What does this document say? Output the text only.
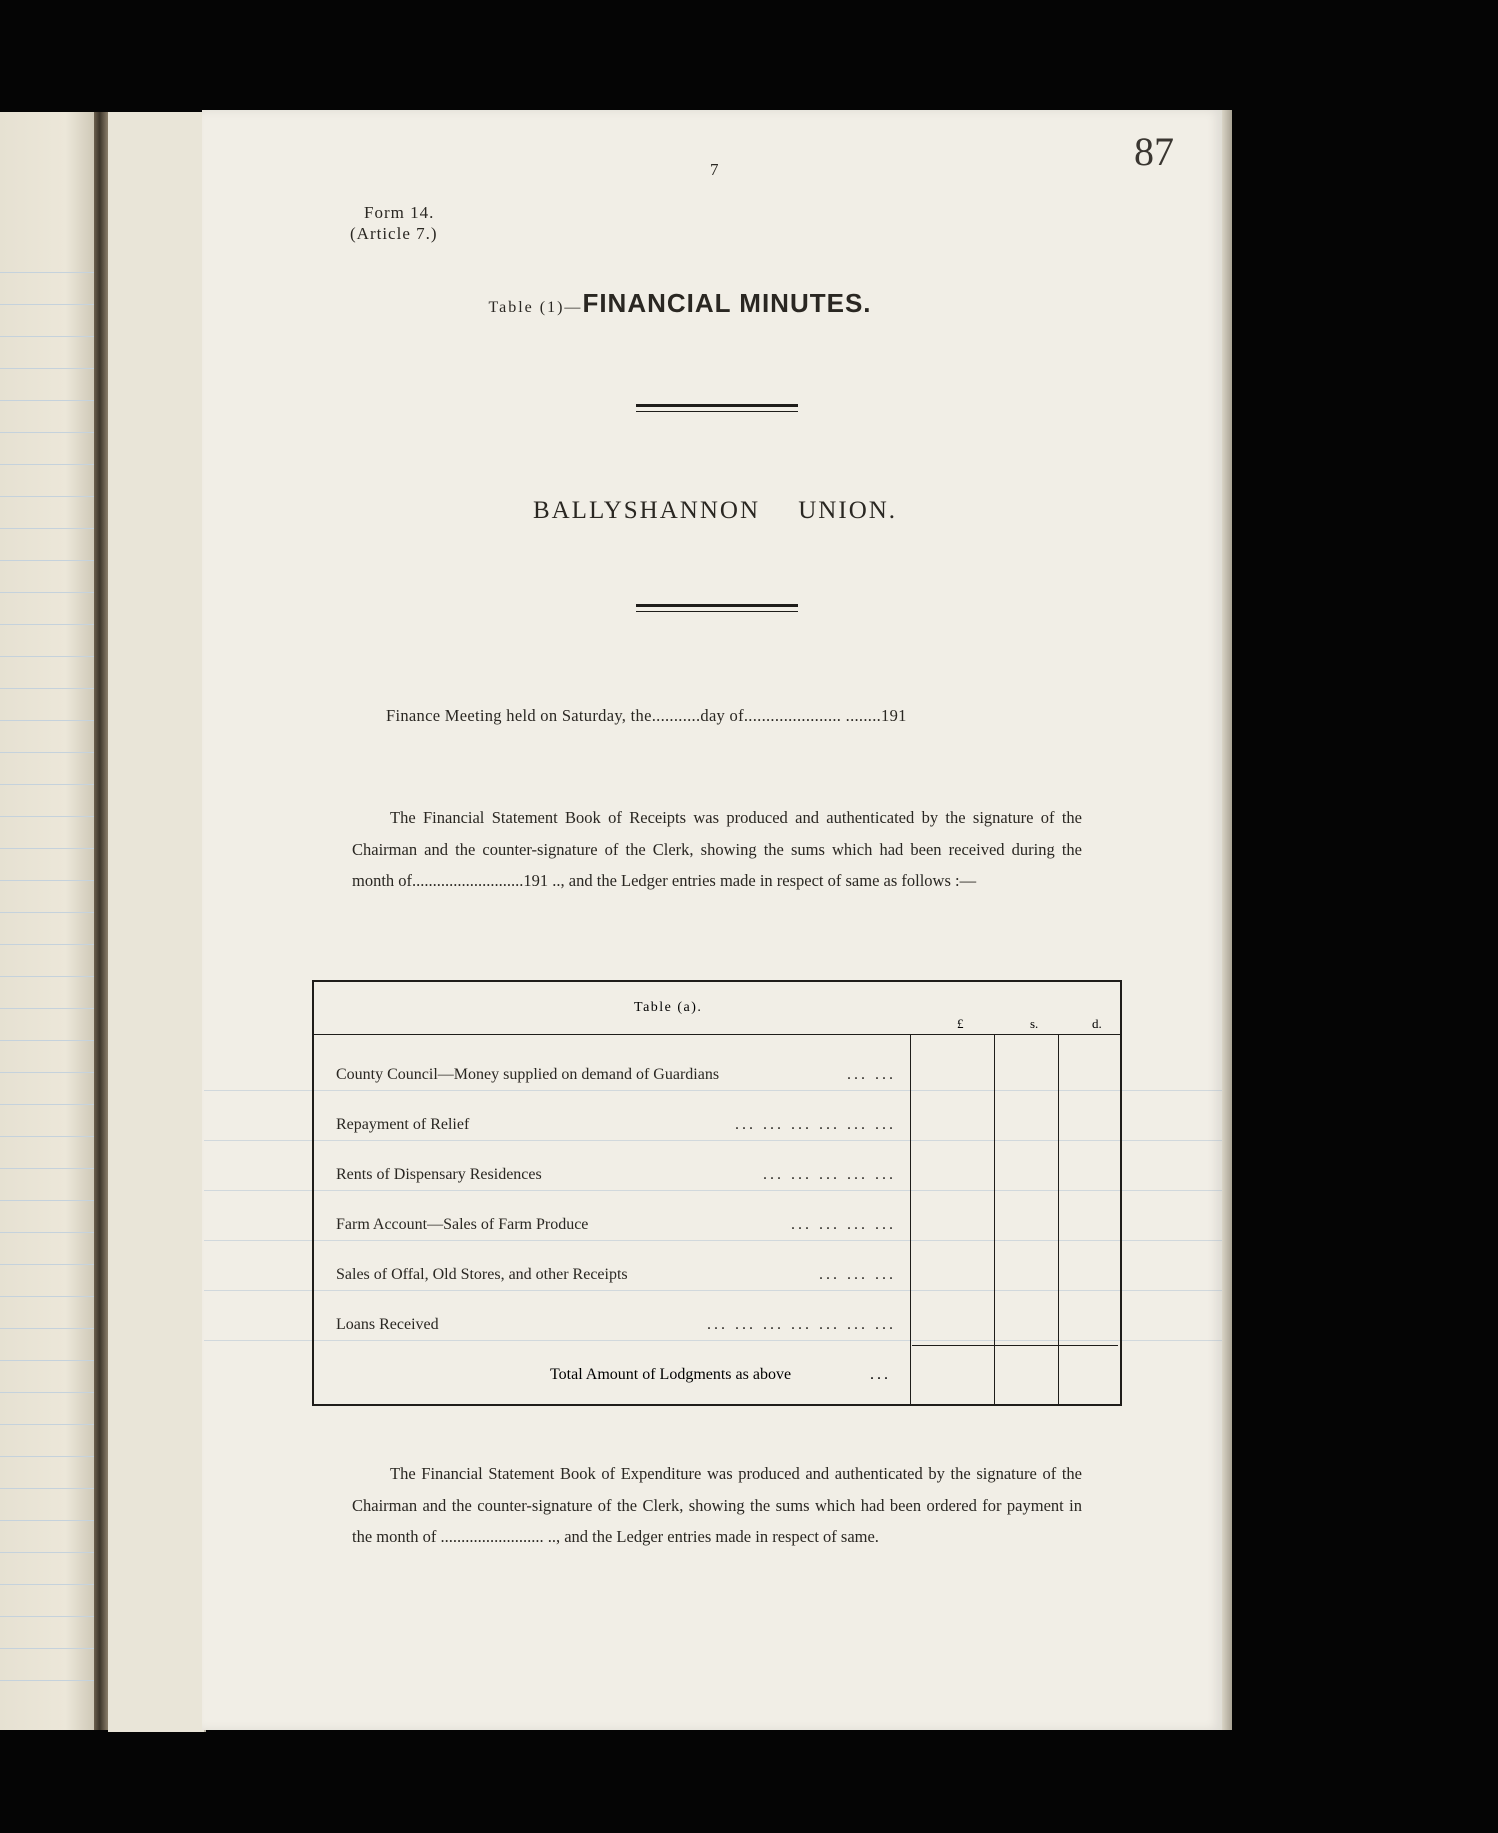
7	87
Form 14.
(Article 7.)
Table (1)—FINANCIAL MINUTES.
BALLYSHANNON UNION.
Finance Meeting held on Saturday, the...........day of...................... ........191
The Financial Statement Book of Receipts was produced and authenticated by the signature of the Chairman and the counter-signature of the Clerk, showing the sums which had been received during the month of...........................191 .., and the Ledger entries made in respect of same as follows :—
Table (a).
£	s.	d.
County Council—Money supplied on demand of Guardians	... ...
Repayment of Relief	... ... ... ... ... ...
Rents of Dispensary Residences	... ... ... ... ...
Farm Account—Sales of Farm Produce	... ... ... ...
Sales of Offal, Old Stores, and other Receipts	... ... ...
Loans Received	... ... ... ... ... ... ...
Total Amount of Lodgments as above	...
The Financial Statement Book of Expenditure was produced and authenticated by the signature of the Chairman and the counter-signature of the Clerk, showing the sums which had been ordered for payment in the month of ......................... .., and the Ledger entries made in respect of same.
